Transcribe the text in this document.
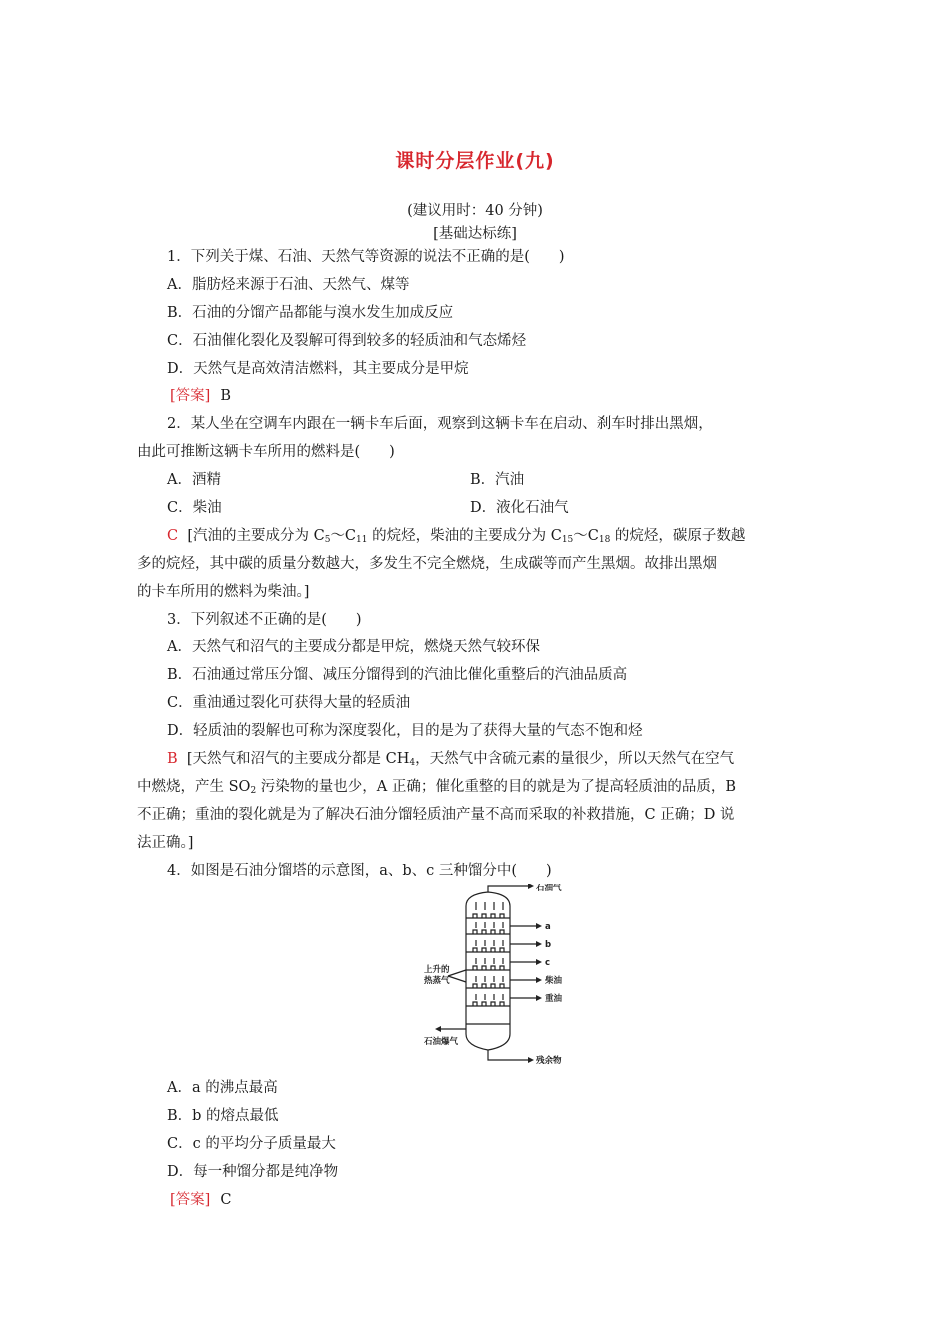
课时分层作业(九)
(建议用时：40 分钟)
[基础达标练]
1．下列关于煤、石油、天然气等资源的说法不正确的是(　　)
A．脂肪烃来源于石油、天然气、煤等
B．石油的分馏产品都能与溴水发生加成反应
C．石油催化裂化及裂解可得到较多的轻质油和气态烯烃
D．天然气是高效清洁燃料，其主要成分是甲烷
[答案] B
2．某人坐在空调车内跟在一辆卡车后面，观察到这辆卡车在启动、刹车时排出黑烟，
由此可推断这辆卡车所用的燃料是(　　)
A．酒精	B．汽油
C．柴油	D．液化石油气
C [汽油的主要成分为 $C_5\sim C_{11}$ 的烷烃，柴油的主要成分为 $C_{15}\sim C_{18}$ 的烷烃，碳原子数越
多的烷烃，其中碳的质量分数越大，多发生不完全燃烧，生成碳等而产生黑烟。故排出黑烟
的卡车所用的燃料为柴油。]
3．下列叙述不正确的是(　　)
A．天然气和沼气的主要成分都是甲烷，燃烧天然气较环保
B．石油通过常压分馏、减压分馏得到的汽油比催化重整后的汽油品质高
C．重油通过裂化可获得大量的轻质油
D．轻质油的裂解也可称为深度裂化，目的是为了获得大量的气态不饱和烃
B [天然气和沼气的主要成分都是 $CH_4$，天然气中含硫元素的量很少，所以天然气在空气
中燃烧，产生 $SO_2$ 污染物的量也少，A 正确；催化重整的目的就是为了提高轻质油的品质，B
不正确；重油的裂化就是为了解决石油分馏轻质油产量不高而采取的补救措施，C 正确；D 说
法正确。]
4．如图是石油分馏塔的示意图，a、b、c 三种馏分中(　　)
石油气
a
b
c
柴油
重油
残余物
上升的
热蒸气
石油爆气
A．a 的沸点最高
B．b 的熔点最低
C．c 的平均分子质量最大
D．每一种馏分都是纯净物
[答案] C
